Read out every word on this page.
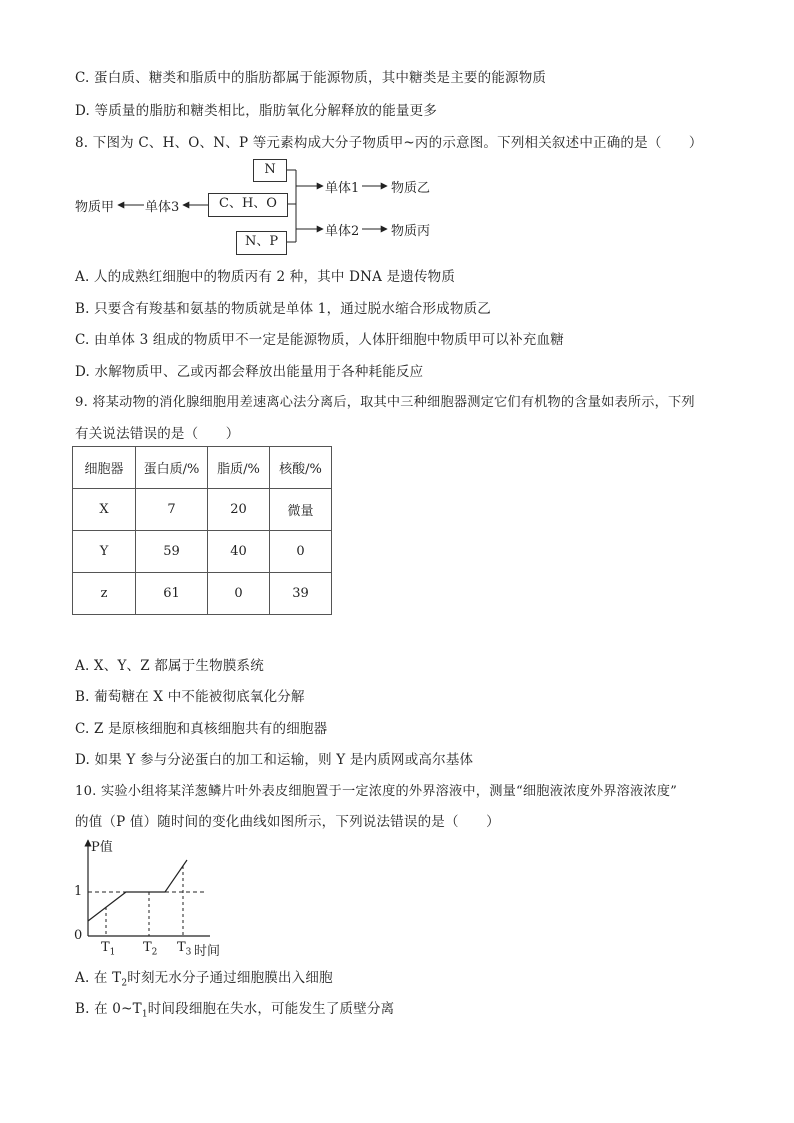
C. 蛋白质、糖类和脂质中的脂肪都属于能源物质，其中糖类是主要的能源物质
D. 等质量的脂肪和糖类相比，脂肪氧化分解释放的能量更多
8. 下图为 C、H、O、N、P 等元素构成大分子物质甲~丙的示意图。下列相关叙述中正确的是（　　）
N
C、H、O
N、P
单体1
单体2
单体3
物质乙
物质丙
物质甲
A. 人的成熟红细胞中的物质丙有 2 种，其中 DNA 是遗传物质
B. 只要含有羧基和氨基的物质就是单体 1，通过脱水缩合形成物质乙
C. 由单体 3 组成的物质甲不一定是能源物质，人体肝细胞中物质甲可以补充血糖
D. 水解物质甲、乙或丙都会释放出能量用于各种耗能反应
9. 将某动物的消化腺细胞用差速离心法分离后，取其中三种细胞器测定它们有机物的含量如表所示，下列
有关说法错误的是（　　）
细胞器	蛋白质/%	脂质/%	核酸/%
X	7	20	微量
Y	59	40	0
z	61	0	39
A. X、Y、Z 都属于生物膜系统
B. 葡萄糖在 X 中不能被彻底氧化分解
C. Z 是原核细胞和真核细胞共有的细胞器
D. 如果 Y 参与分泌蛋白的加工和运输，则 Y 是内质网或高尔基体
10. 实验小组将某洋葱鳞片叶外表皮细胞置于一定浓度的外界溶液中，测量“细胞液浓度外界溶液浓度”
的值（P 值）随时间的变化曲线如图所示，下列说法错误的是（　　）
P值
1
0
$T_1$ $T_2$ $T_3$ 时间
A. 在 $T_2$时刻无水分子通过细胞膜出入细胞
B. 在 $0\sim T_1$时间段细胞在失水，可能发生了质壁分离
